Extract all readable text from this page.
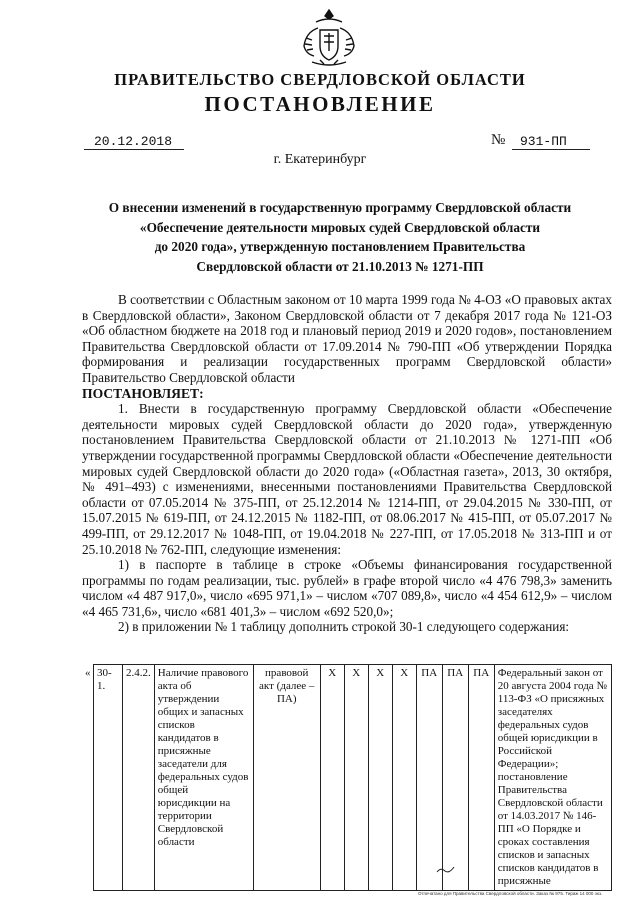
ПРАВИТЕЛЬСТВО СВЕРДЛОВСКОЙ ОБЛАСТИ
ПОСТАНОВЛЕНИЕ
20.12.2018	№	931-ПП
г. Екатеринбург
О внесении изменений в государственную программу Свердловской области
«Обеспечение деятельности мировых судей Свердловской области
до 2020 года», утвержденную постановлением Правительства
Свердловской области от 21.10.2013 № 1271-ПП

В соответствии с Областным законом от 10 марта 1999 года № 4-ОЗ «О правовых актах в Свердловской области», Законом Свердловской области от 7 декабря 2017 года № 121-ОЗ «Об областном бюджете на 2018 год и плановый период 2019 и 2020 годов», постановлением Правительства Свердловской области от 17.09.2014 № 790-ПП «Об утверждении Порядка формирования и реализации государственных программ Свердловской области» Правительство Свердловской области

ПОСТАНОВЛЯЕТ:

1. Внести в государственную программу Свердловской области «Обеспечение деятельности мировых судей Свердловской области до 2020 года», утвержденную постановлением Правительства Свердловской области от 21.10.2013 № 1271-ПП «Об утверждении государственной программы Свердловской области «Обеспечение деятельности мировых судей Свердловской области до 2020 года» («Областная газета», 2013, 30 октября, № 491–493) с изменениями, внесенными постановлениями Правительства Свердловской области от 07.05.2014 № 375-ПП, от 25.12.2014 № 1214-ПП, от 29.04.2015 № 330-ПП, от 15.07.2015 № 619-ПП, от 24.12.2015 № 1182-ПП, от 08.06.2017 № 415-ПП, от 05.07.2017 № 499-ПП, от 29.12.2017 № 1048-ПП, от 19.04.2018 № 227-ПП, от 17.05.2018 № 313-ПП и от 25.10.2018 № 762-ПП, следующие изменения:

1) в паспорте в таблице в строке «Объемы финансирования государственной программы по годам реализации, тыс. рублей» в графе второй число «4 476 798,3» заменить числом «4 487 917,0», число «695 971,1» – числом «707 089,8», число «4 454 612,9» – числом «4 465 731,6», число «681 401,3» – числом «692 520,0»;

2) в приложении № 1 таблицу дополнить строкой 30-1 следующего содержания:

«	30-1.	2.4.2.	Наличие правового акта об утверждении общих и запасных списков кандидатов в присяжные заседатели для федеральных судов общей юрисдикции на территории Свердловской области	правовой акт (далее – ПА)	Х	Х	Х	Х	ПА	ПА	ПА	Федеральный закон от 20 августа 2004 года № 113-ФЗ «О присяжных заседателях федеральных судов общей юрисдикции в Российской Федерации»; постановление Правительства Свердловской области от 14.03.2017 № 146-ПП «О Порядке и сроках составления списков и запасных списков кандидатов в присяжные
Отпечатано для Правительства Свердловской области. Заказ № 975. Тираж 14 000 экз.
